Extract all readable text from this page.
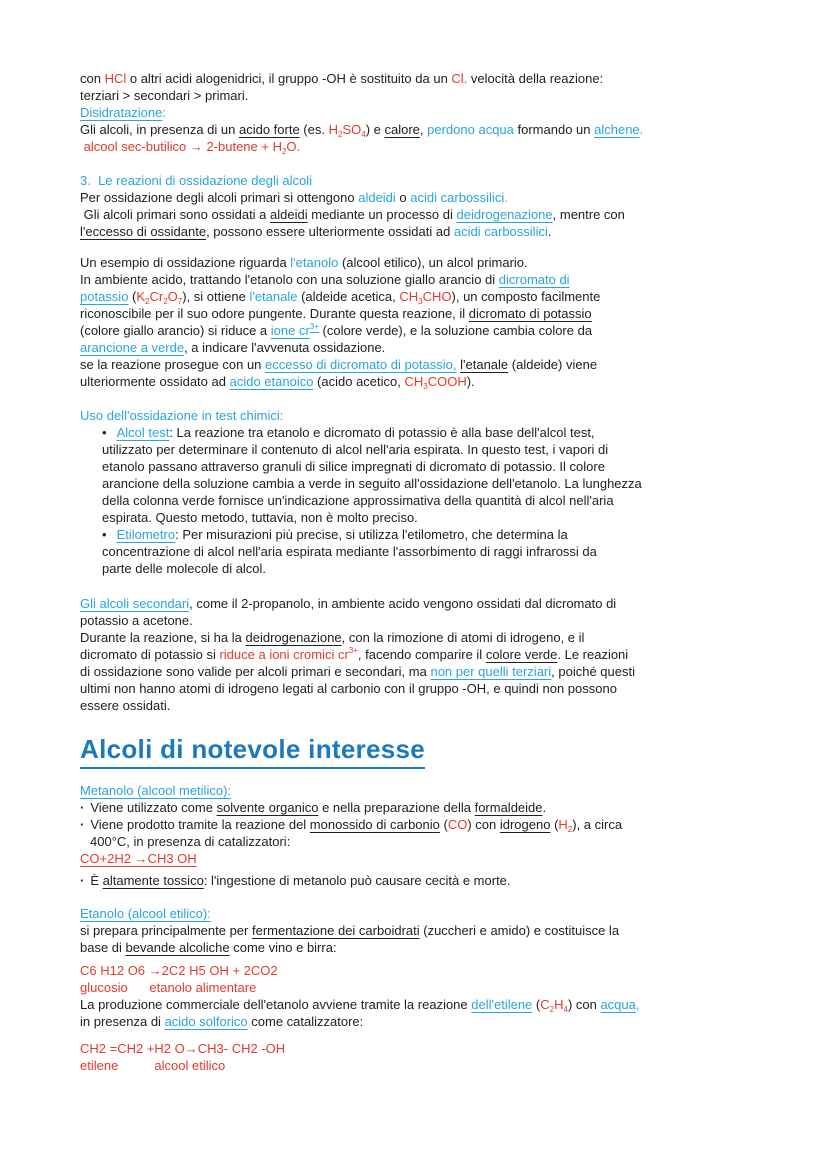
con HCl o altri acidi alogenidrici, il gruppo -OH è sostituito da un Cl. velocità della reazione:
terziari > secondari > primari.
Disidratazione:
Gli alcoli, in presenza di un acido forte (es. $H_2SO_4$) e calore, perdono acqua formando un alchene.
alcool sec-butilico → 2-butene + $H_2O$.
3.  Le reazioni di ossidazione degli alcoli
Per ossidazione degli alcoli primari si ottengono aldeidi o acidi carbossilici.
Gli alcoli primari sono ossidati a aldeidi mediante un processo di deidrogenazione, mentre con
l'eccesso di ossidante, possono essere ulteriormente ossidati ad acidi carbossilici.
Un esempio di ossidazione riguarda l'etanolo (alcool etilico), un alcol primario.
In ambiente acido, trattando l'etanolo con una soluzione giallo arancio di dicromato di
potassio $(K_2Cr_2O_7)$, si ottiene l'etanale (aldeide acetica, $CH_3CHO$), un composto facilmente
riconoscibile per il suo odore pungente. Durante questa reazione, il dicromato di potassio
(colore giallo arancio) si riduce a ione $cr^{3+}$ (colore verde), e la soluzione cambia colore da
arancione a verde, a indicare l'avvenuta ossidazione.
se la reazione prosegue con un eccesso di dicromato di potassio, l'etanale (aldeide) viene
ulteriormente ossidato ad acido etanoico (acido acetico, $CH_3COOH$).
Uso dell'ossidazione in test chimici:
• Alcol test: La reazione tra etanolo e dicromato di potassio è alla base dell'alcol test,
utilizzato per determinare il contenuto di alcol nell'aria espirata. In questo test, i vapori di
etanolo passano attraverso granuli di silice impregnati di dicromato di potassio. Il colore
arancione della soluzione cambia a verde in seguito all'ossidazione dell'etanolo. La lunghezza
della colonna verde fornisce un'indicazione approssimativa della quantità di alcol nell'aria
espirata. Questo metodo, tuttavia, non è molto preciso.
• Etilometro: Per misurazioni più precise, si utilizza l'etilometro, che determina la
concentrazione di alcol nell'aria espirata mediante l'assorbimento di raggi infrarossi da
parte delle molecole di alcol.
Gli alcoli secondari, come il 2-propanolo, in ambiente acido vengono ossidati dal dicromato di
potassio a acetone.
Durante la reazione, si ha la deidrogenazione, con la rimozione di atomi di idrogeno, e il
dicromato di potassio si riduce a ioni cromici $cr^{3+}$, facendo comparire il colore verde. Le reazioni
di ossidazione sono valide per alcoli primari e secondari, ma non per quelli terziari, poiché questi
ultimi non hanno atomi di idrogeno legati al carbonio con il gruppo -OH, e quindi non possono
essere ossidati.
Alcoli di notevole interesse
Metanolo (alcool metilico):
· Viene utilizzato come solvente organico e nella preparazione della formaldeide.
· Viene prodotto tramite la reazione del monossido di carbonio (CO) con idrogeno $(H_2)$, a circa
400°C, in presenza di catalizzatori:
CO+2H2 →CH3 OH
· È altamente tossico: l'ingestione di metanolo può causare cecità e morte.
Etanolo (alcool etilico):
si prepara principalmente per fermentazione dei carboidrati (zuccheri e amido) e costituisce la
base di bevande alcoliche come vino e birra:
C6 H12 O6 →2C2 H5 OH + 2CO2
glucosio      etanolo alimentare
La produzione commerciale dell'etanolo avviene tramite la reazione dell'etilene $(C_2H_4)$ con acqua,
in presenza di acido solforico come catalizzatore:
CH2 =CH2 +H2 O→CH3- CH2 -OH
etilene          alcool etilico
